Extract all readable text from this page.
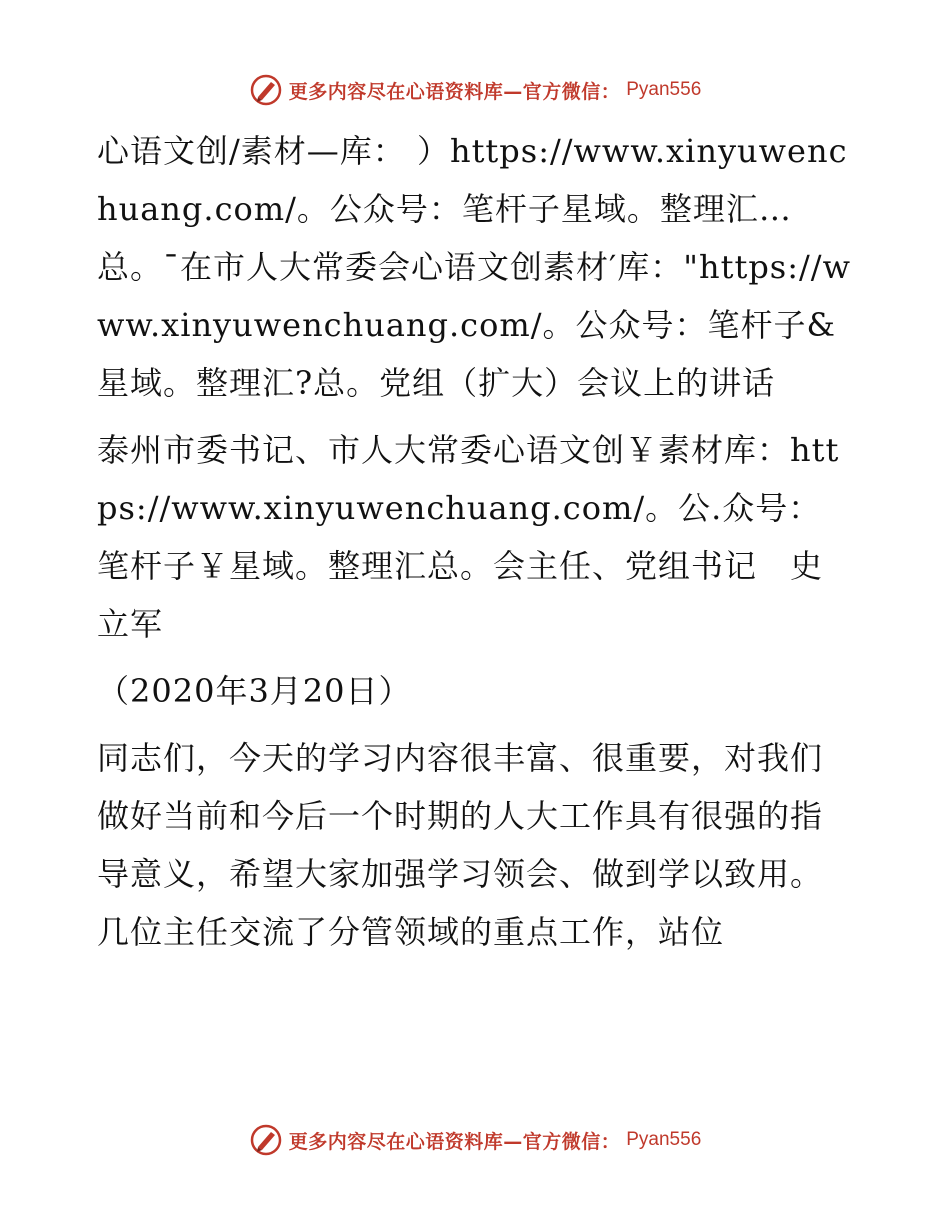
更多内容尽在心语资料库—官方微信： Pyan556

心语文创/素材—库： ）https://www.xinyuwenchuang.com/。公众号：笔杆子星域。整理汇…总。¯在市人大常委会心语文创素材′库："https://www.xinyuwenchuang.com/。公众号：笔杆子&星域。整理汇?总。党组（扩大）会议上的讲话

泰州市委书记、市人大常委心语文创￥素材库：https://www.xinyuwenchuang.com/。公.众号：笔杆子￥星域。整理汇总。会主任、党组书记　史立军

（2020年3月20日）

同志们，今天的学习内容很丰富、很重要，对我们做好当前和今后一个时期的人大工作具有很强的指导意义，希望大家加强学习领会、做到学以致用。几位主任交流了分管领域的重点工作，站位

更多内容尽在心语资料库—官方微信： Pyan556
